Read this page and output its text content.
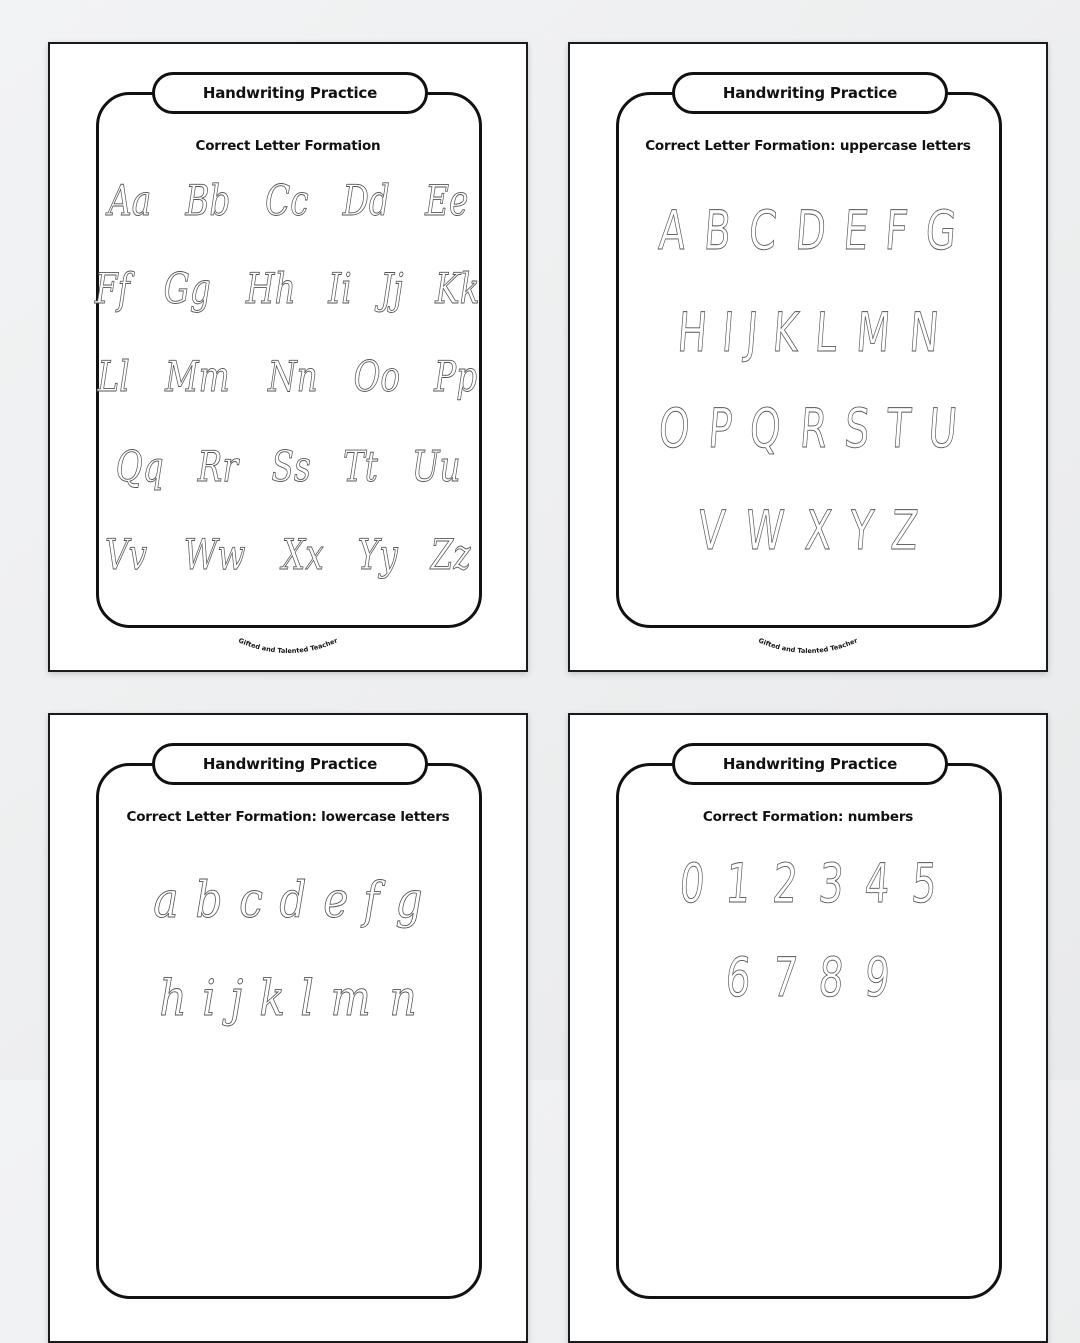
Handwriting Practice
Correct Letter Formation
Aa Bb Cc Dd Ee
Ff Gg Hh Ii Jj Kk
Ll Mm Nn Oo Pp
Qq Rr Ss Tt Uu
Vv Ww Xx Yy Zz
Gifted and Talented Teacher
Handwriting Practice
Correct Letter Formation: uppercase letters
A B C D E F G
H I J K L M N
O P Q R S T U
V W X Y Z
Gifted and Talented Teacher
Handwriting Practice
Correct Letter Formation: lowercase letters
a b c d e f g
h i j k l m n
Handwriting Practice
Correct Formation: numbers
0 1 2 3 4 5
6 7 8 9
